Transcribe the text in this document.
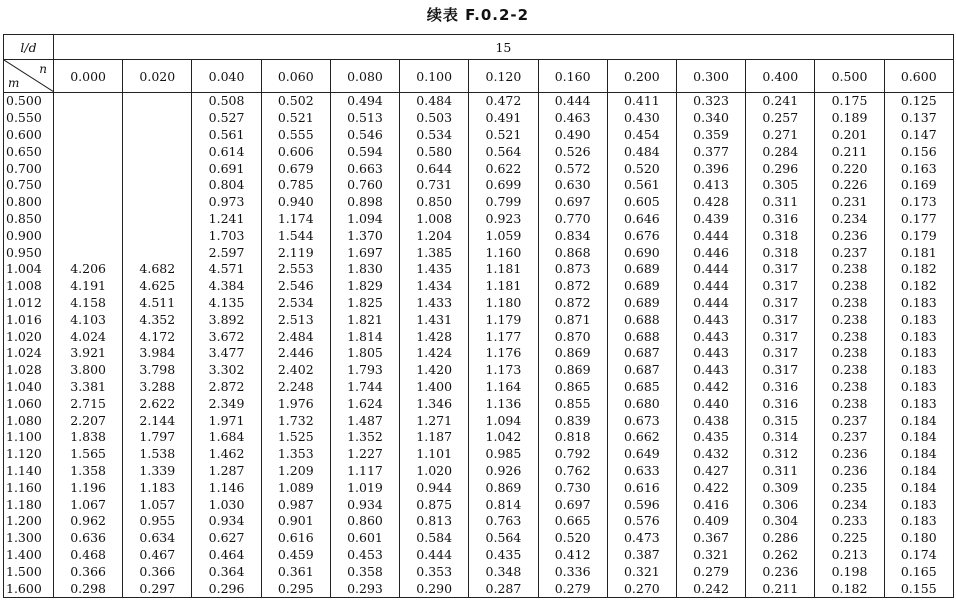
续表 F.0.2-2
l/d	15												

n
m	0.000	0.020	0.040	0.060	0.080	0.100	0.120	0.160	0.200	0.300	0.400	0.500	0.600
0.500			0.508	0.502	0.494	0.484	0.472	0.444	0.411	0.323	0.241	0.175	0.125
0.550			0.527	0.521	0.513	0.503	0.491	0.463	0.430	0.340	0.257	0.189	0.137
0.600			0.561	0.555	0.546	0.534	0.521	0.490	0.454	0.359	0.271	0.201	0.147
0.650			0.614	0.606	0.594	0.580	0.564	0.526	0.484	0.377	0.284	0.211	0.156
0.700			0.691	0.679	0.663	0.644	0.622	0.572	0.520	0.396	0.296	0.220	0.163
0.750			0.804	0.785	0.760	0.731	0.699	0.630	0.561	0.413	0.305	0.226	0.169
0.800			0.973	0.940	0.898	0.850	0.799	0.697	0.605	0.428	0.311	0.231	0.173
0.850			1.241	1.174	1.094	1.008	0.923	0.770	0.646	0.439	0.316	0.234	0.177
0.900			1.703	1.544	1.370	1.204	1.059	0.834	0.676	0.444	0.318	0.236	0.179
0.950			2.597	2.119	1.697	1.385	1.160	0.868	0.690	0.446	0.318	0.237	0.181
1.004	4.206	4.682	4.571	2.553	1.830	1.435	1.181	0.873	0.689	0.444	0.317	0.238	0.182
1.008	4.191	4.625	4.384	2.546	1.829	1.434	1.181	0.872	0.689	0.444	0.317	0.238	0.182
1.012	4.158	4.511	4.135	2.534	1.825	1.433	1.180	0.872	0.689	0.444	0.317	0.238	0.183
1.016	4.103	4.352	3.892	2.513	1.821	1.431	1.179	0.871	0.688	0.443	0.317	0.238	0.183
1.020	4.024	4.172	3.672	2.484	1.814	1.428	1.177	0.870	0.688	0.443	0.317	0.238	0.183
1.024	3.921	3.984	3.477	2.446	1.805	1.424	1.176	0.869	0.687	0.443	0.317	0.238	0.183
1.028	3.800	3.798	3.302	2.402	1.793	1.420	1.173	0.869	0.687	0.443	0.317	0.238	0.183
1.040	3.381	3.288	2.872	2.248	1.744	1.400	1.164	0.865	0.685	0.442	0.316	0.238	0.183
1.060	2.715	2.622	2.349	1.976	1.624	1.346	1.136	0.855	0.680	0.440	0.316	0.238	0.183
1.080	2.207	2.144	1.971	1.732	1.487	1.271	1.094	0.839	0.673	0.438	0.315	0.237	0.184
1.100	1.838	1.797	1.684	1.525	1.352	1.187	1.042	0.818	0.662	0.435	0.314	0.237	0.184
1.120	1.565	1.538	1.462	1.353	1.227	1.101	0.985	0.792	0.649	0.432	0.312	0.236	0.184
1.140	1.358	1.339	1.287	1.209	1.117	1.020	0.926	0.762	0.633	0.427	0.311	0.236	0.184
1.160	1.196	1.183	1.146	1.089	1.019	0.944	0.869	0.730	0.616	0.422	0.309	0.235	0.184
1.180	1.067	1.057	1.030	0.987	0.934	0.875	0.814	0.697	0.596	0.416	0.306	0.234	0.183
1.200	0.962	0.955	0.934	0.901	0.860	0.813	0.763	0.665	0.576	0.409	0.304	0.233	0.183
1.300	0.636	0.634	0.627	0.616	0.601	0.584	0.564	0.520	0.473	0.367	0.286	0.225	0.180
1.400	0.468	0.467	0.464	0.459	0.453	0.444	0.435	0.412	0.387	0.321	0.262	0.213	0.174
1.500	0.366	0.366	0.364	0.361	0.358	0.353	0.348	0.336	0.321	0.279	0.236	0.198	0.165
1.600	0.298	0.297	0.296	0.295	0.293	0.290	0.287	0.279	0.270	0.242	0.211	0.182	0.155
